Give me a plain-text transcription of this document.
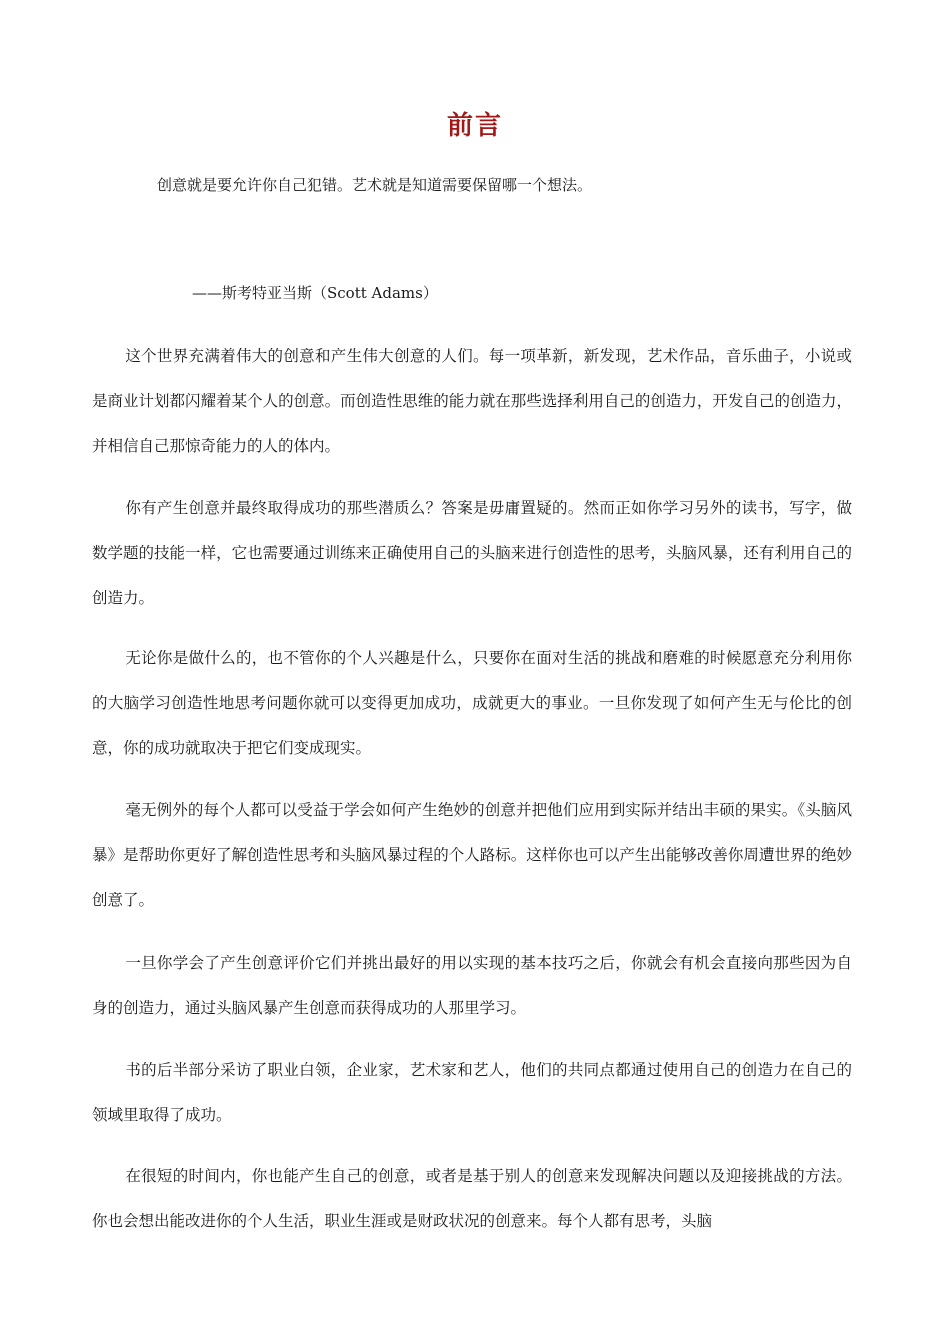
前言
创意就是要允许你自己犯错。艺术就是知道需要保留哪一个想法。
——斯考特亚当斯（Scott Adams）

这个世界充满着伟大的创意和产生伟大创意的人们。每一项革新，新发现，艺术作品，音乐曲子，小说或是商业计划都闪耀着某个人的创意。而创造性思维的能力就在那些选择利用自己的创造力，开发自己的创造力，并相信自己那惊奇能力的人的体内。

你有产生创意并最终取得成功的那些潜质么？答案是毋庸置疑的。然而正如你学习另外的读书，写字，做数学题的技能一样，它也需要通过训练来正确使用自己的头脑来进行创造性的思考，头脑风暴，还有利用自己的创造力。

无论你是做什么的，也不管你的个人兴趣是什么，只要你在面对生活的挑战和磨难的时候愿意充分利用你的大脑学习创造性地思考问题你就可以变得更加成功，成就更大的事业。一旦你发现了如何产生无与伦比的创意，你的成功就取决于把它们变成现实。

毫无例外的每个人都可以受益于学会如何产生绝妙的创意并把他们应用到实际并结出丰硕的果实。《头脑风暴》是帮助你更好了解创造性思考和头脑风暴过程的个人路标。这样你也可以产生出能够改善你周遭世界的绝妙创意了。

一旦你学会了产生创意评价它们并挑出最好的用以实现的基本技巧之后，你就会有机会直接向那些因为自身的创造力，通过头脑风暴产生创意而获得成功的人那里学习。

书的后半部分采访了职业白领，企业家，艺术家和艺人，他们的共同点都通过使用自己的创造力在自己的领域里取得了成功。

在很短的时间内，你也能产生自己的创意，或者是基于别人的创意来发现解决问题以及迎接挑战的方法。你也会想出能改进你的个人生活，职业生涯或是财政状况的创意来。每个人都有思考，头脑
